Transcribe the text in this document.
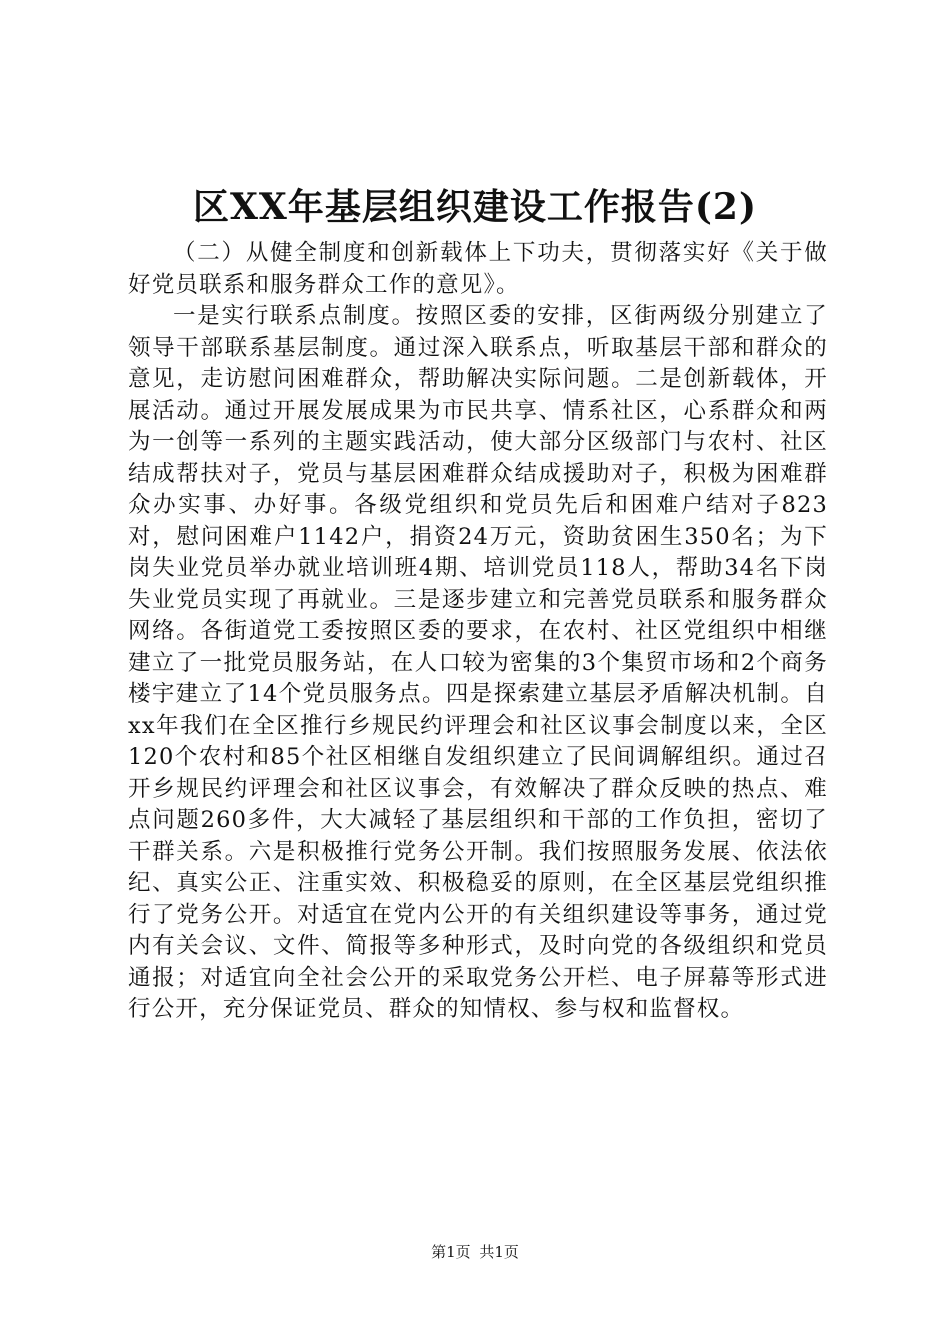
区XX年基层组织建设工作报告(2)

（二）从健全制度和创新载体上下功夫，贯彻落实好《关于做好党员联系和服务群众工作的意见》。

一是实行联系点制度。按照区委的安排，区街两级分别建立了领导干部联系基层制度。通过深入联系点，听取基层干部和群众的意见，走访慰问困难群众，帮助解决实际问题。二是创新载体，开展活动。通过开展发展成果为市民共享、情系社区，心系群众和两为一创等一系列的主题实践活动，使大部分区级部门与农村、社区结成帮扶对子，党员与基层困难群众结成援助对子，积极为困难群众办实事、办好事。各级党组织和党员先后和困难户结对子823对，慰问困难户1142户，捐资24万元，资助贫困生350名；为下岗失业党员举办就业培训班4期、培训党员118人，帮助34名下岗失业党员实现了再就业。三是逐步建立和完善党员联系和服务群众网络。各街道党工委按照区委的要求，在农村、社区党组织中相继建立了一批党员服务站，在人口较为密集的3个集贸市场和2个商务楼宇建立了14个党员服务点。四是探索建立基层矛盾解决机制。自xx年我们在全区推行乡规民约评理会和社区议事会制度以来，全区120个农村和85个社区相继自发组织建立了民间调解组织。通过召开乡规民约评理会和社区议事会，有效解决了群众反映的热点、难点问题260多件，大大减轻了基层组织和干部的工作负担，密切了干群关系。六是积极推行党务公开制。我们按照服务发展、依法依纪、真实公正、注重实效、积极稳妥的原则，在全区基层党组织推行了党务公开。对适宜在党内公开的有关组织建设等事务，通过党内有关会议、文件、简报等多种形式，及时向党的各级组织和党员通报；对适宜向全社会公开的采取党务公开栏、电子屏幕等形式进行公开，充分保证党员、群众的知情权、参与权和监督权。

第1页 共1页
